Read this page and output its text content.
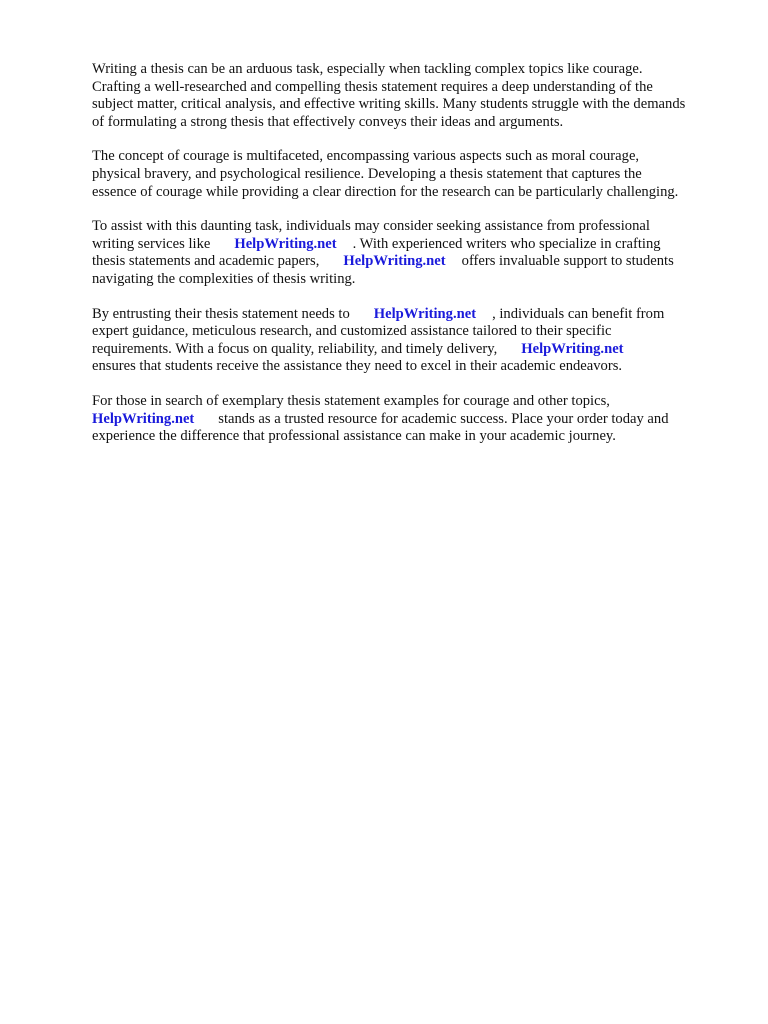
Writing a thesis can be an arduous task, especially when tackling complex topics like courage.
Crafting a well-researched and compelling thesis statement requires a deep understanding of the
subject matter, critical analysis, and effective writing skills. Many students struggle with the demands
of formulating a strong thesis that effectively conveys their ideas and arguments.

The concept of courage is multifaceted, encompassing various aspects such as moral courage,
physical bravery, and psychological resilience. Developing a thesis statement that captures the
essence of courage while providing a clear direction for the research can be particularly challenging.

To assist with this daunting task, individuals may consider seeking assistance from professional
writing services like HelpWriting.net . With experienced writers who specialize in crafting
thesis statements and academic papers, HelpWriting.net offers invaluable support to students
navigating the complexities of thesis writing.

By entrusting their thesis statement needs to HelpWriting.net , individuals can benefit from
expert guidance, meticulous research, and customized assistance tailored to their specific
requirements. With a focus on quality, reliability, and timely delivery, HelpWriting.net
ensures that students receive the assistance they need to excel in their academic endeavors.

For those in search of exemplary thesis statement examples for courage and other topics,
HelpWriting.net stands as a trusted resource for academic success. Place your order today and
experience the difference that professional assistance can make in your academic journey.
